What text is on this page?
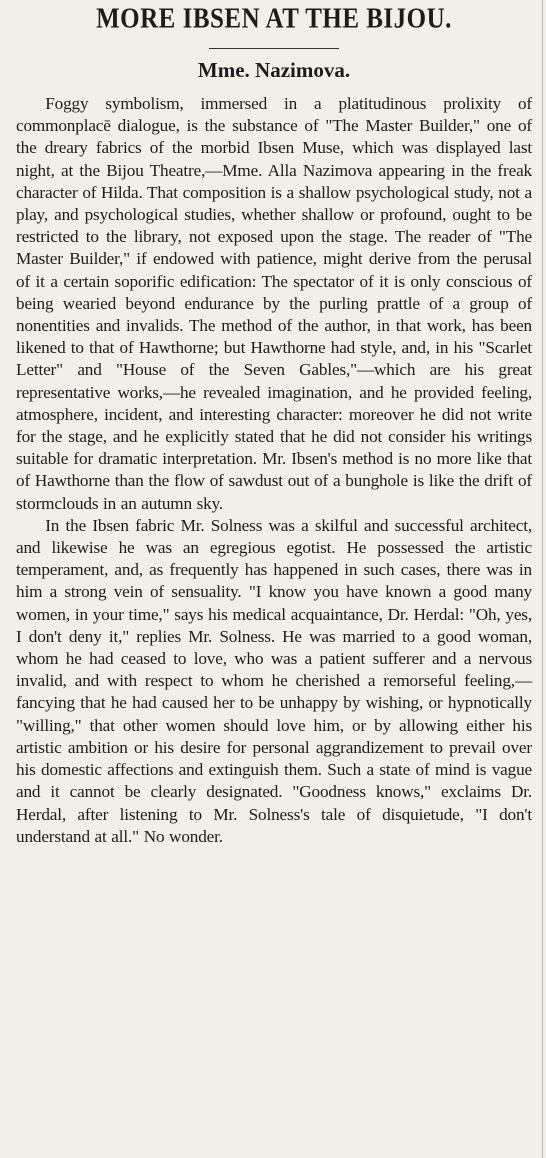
MORE IBSEN AT THE BIJOU.
Mme. Nazimova.

Foggy symbolism, immersed in a platitudinous prolixity of commonplacē dialogue, is the substance of "The Master Builder," one of the dreary fabrics of the morbid Ibsen Muse, which was displayed last night, at the Bijou Theatre,—Mme. Alla Nazimova appearing in the freak character of Hilda. That composition is a shallow psychological study, not a play, and psychological studies, whether shallow or profound, ought to be restricted to the library, not exposed upon the stage. The reader of "The Master Builder," if endowed with patience, might derive from the perusal of it a certain soporific edification: The spectator of it is only conscious of being wearied beyond endurance by the purling prattle of a group of nonentities and invalids. The method of the author, in that work, has been likened to that of Hawthorne; but Hawthorne had style, and, in his "Scarlet Letter" and "House of the Seven Gables,"—which are his great representative works,—he revealed imagination, and he provided feeling, atmosphere, incident, and interesting character: moreover he did not write for the stage, and he explicitly stated that he did not consider his writings suitable for dramatic interpretation. Mr. Ibsen's method is no more like that of Hawthorne than the flow of sawdust out of a bunghole is like the drift of stormclouds in an autumn sky.

In the Ibsen fabric Mr. Solness was a skilful and successful architect, and likewise he was an egregious egotist. He possessed the artistic temperament, and, as frequently has happened in such cases, there was in him a strong vein of sensuality. "I know you have known a good many women, in your time," says his medical acquaintance, Dr. Herdal: "Oh, yes, I don't deny it," replies Mr. Solness. He was married to a good woman, whom he had ceased to love, who was a patient sufferer and a nervous invalid, and with respect to whom he cherished a remorseful feeling,—fancying that he had caused her to be unhappy by wishing, or hypnotically "willing," that other women should love him, or by allowing either his artistic ambition or his desire for personal aggrandizement to prevail over his domestic affections and extinguish them. Such a state of mind is vague and it cannot be clearly designated. "Goodness knows," exclaims Dr. Herdal, after listening to Mr. Solness's tale of disquietude, "I don't understand at all." No wonder.
